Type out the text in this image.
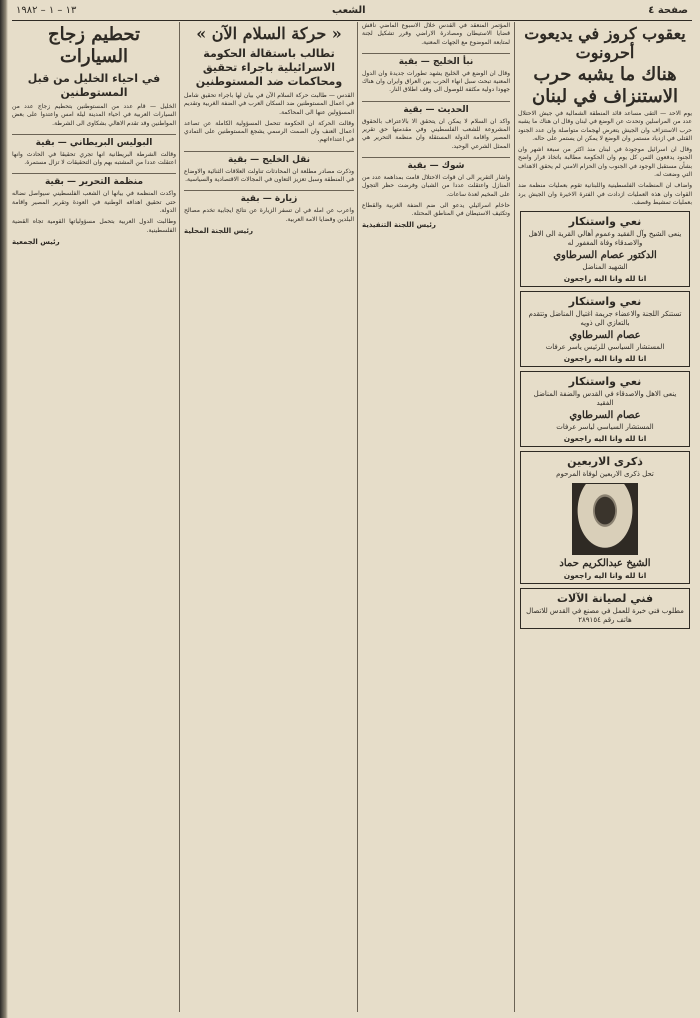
صفحة ٤
الشعب
١٣ – ١ – ١٩٨٢
يعقوب كروز في يديعوت أحرونوت
هناك ما يشبه حرب الاستنزاف في لبنان

يوم الاحد — التقى مساعد قائد المنطقة الشمالية في جيش الاحتلال عدد من المراسلين وتحدث عن الوضع في لبنان وقال ان هناك ما يشبه حرب الاستنزاف وان الجيش يتعرض لهجمات متواصلة وان عدد الجنود القتلى في ازدياد مستمر وان الوضع لا يمكن ان يستمر على حاله.

وقال ان اسرائيل موجودة في لبنان منذ اكثر من سبعة اشهر وان الجنود يدفعون الثمن كل يوم وان الحكومة مطالبة باتخاذ قرار واضح بشأن مستقبل الوجود في الجنوب وان الحزام الامني لم يحقق الاهداف التي وضعت له.

واضاف ان المنظمات الفلسطينية واللبنانية تقوم بعمليات منظمة ضد القوات وان هذه العمليات ازدادت في الفترة الاخيرة وان الجيش يرد بعمليات تمشيط وقصف.

نعي واستنكار
ينعى الشيخ وآل الفقيد وعموم أهالي القرية الى الاهل والاصدقاء وفاة المغفور له
الدكتور عصام السرطاوي
الشهيد المناضل
انا لله وانا اليه راجعون
نعي واستنكار
تستنكر اللجنة والاعضاء جريمة اغتيال المناضل وتتقدم بالتعازي الى ذويه
عصام السرطاوي
المستشار السياسي للرئيس ياسر عرفات
انا لله وانا اليه راجعون
نعي واستنكار
ينعى الاهل والاصدقاء في القدس والضفة المناضل الفقيد
عصام السرطاوي
المستشار السياسي لياسر عرفات
انا لله وانا اليه راجعون
ذكرى الاربعين
تحل ذكرى الاربعين لوفاة المرحوم
الشيخ عبدالكريم حماد
انا لله وانا اليه راجعون
فني لصيانة الآلات
مطلوب فني خبرة للعمل في مصنع في القدس للاتصال هاتف رقم ٢٨٩١٥٤

المؤتمر المنعقد في القدس خلال الاسبوع الماضي ناقش قضايا الاستيطان ومصادرة الاراضي وقرر تشكيل لجنة لمتابعة الموضوع مع الجهات المعنية.

نبأ الخليج — بقية

وقال ان الوضع في الخليج يشهد تطورات جديدة وان الدول المعنية تبحث سبل انهاء الحرب بين العراق وايران وان هناك جهودا دولية مكثفة للوصول الى وقف اطلاق النار.

الحديث — بقية

واكد ان السلام لا يمكن ان يتحقق الا بالاعتراف بالحقوق المشروعة للشعب الفلسطيني وفي مقدمتها حق تقرير المصير واقامة الدولة المستقلة وان منظمة التحرير هي الممثل الشرعي الوحيد.

شوك — بقية

واشار التقرير الى ان قوات الاحتلال قامت بمداهمة عدد من المنازل واعتقلت عددا من الشبان وفرضت حظر التجول على المخيم لعدة ساعات.

حاخام اسرائيلي يدعو الى ضم الضفة الغربية والقطاع وتكثيف الاستيطان في المناطق المحتلة.

رئيس اللجنة التنفيذية
« حركة السلام الآن »
تطالب باستقالة الحكومة الاسرائيلية باجراء تحقيق ومحاكمات ضد المستوطنين

القدس — طالبت حركة السلام الآن في بيان لها باجراء تحقيق شامل في اعمال المستوطنين ضد السكان العرب في الضفة الغربية وتقديم المسؤولين عنها الى المحاكمة.

وقالت الحركة ان الحكومة تتحمل المسؤولية الكاملة عن تصاعد اعمال العنف وان الصمت الرسمي يشجع المستوطنين على التمادي في اعتداءاتهم.

نقل الخليج — بقية

وذكرت مصادر مطلعة ان المحادثات تناولت العلاقات الثنائية والاوضاع في المنطقة وسبل تعزيز التعاون في المجالات الاقتصادية والسياسية.

زيارة — بقية

واعرب عن امله في ان تسفر الزيارة عن نتائج ايجابية تخدم مصالح البلدين وقضايا الامة العربية.

رئيس اللجنة المحلية
تحطيم زجاج السيارات
في احياء الخليل من قبل المستوطنين

الخليل — قام عدد من المستوطنين بتحطيم زجاج عدد من السيارات العربية في احياء المدينة ليلة امس واعتدوا على بعض المواطنين وقد تقدم الاهالي بشكاوى الى الشرطة.

البوليس البريطاني — بقية

وقالت الشرطة البريطانية انها تجري تحقيقا في الحادث وانها اعتقلت عددا من المشتبه بهم وان التحقيقات لا تزال مستمرة.

منظمة التحرير — بقية

واكدت المنظمة في بيانها ان الشعب الفلسطيني سيواصل نضاله حتى تحقيق اهدافه الوطنية في العودة وتقرير المصير واقامة الدولة.

وطالبت الدول العربية بتحمل مسؤولياتها القومية تجاه القضية الفلسطينية.

رئيس الجمعية
